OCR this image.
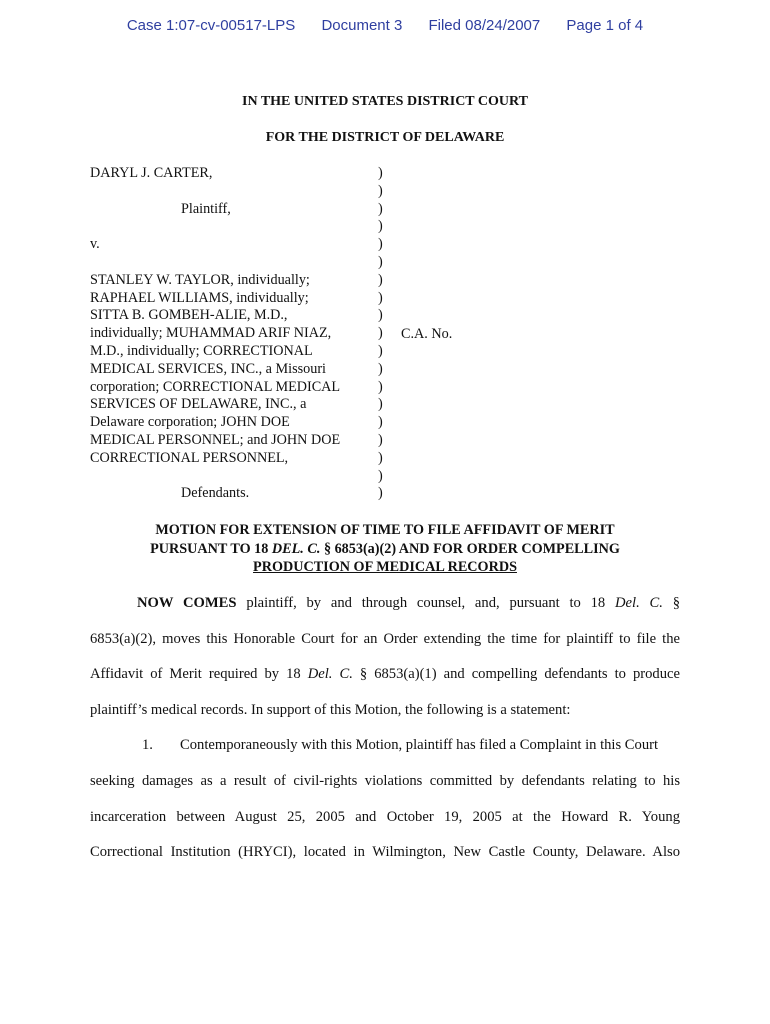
Case 1:07-cv-00517-LPS Document 3 Filed 08/24/2007 Page 1 of 4
IN THE UNITED STATES DISTRICT COURT
FOR THE DISTRICT OF DELAWARE
DARYL J. CARTER,
Plaintiff,
v.
STANLEY W. TAYLOR, individually;
RAPHAEL WILLIAMS, individually;
SITTA B. GOMBEH-ALIE, M.D.,
individually; MUHAMMAD ARIF NIAZ,
M.D., individually; CORRECTIONAL
MEDICAL SERVICES, INC., a Missouri
corporation; CORRECTIONAL MEDICAL
SERVICES OF DELAWARE, INC., a
Delaware corporation; JOHN DOE
MEDICAL PERSONNEL; and JOHN DOE
CORRECTIONAL PERSONNEL,
Defendants.
)
)
)
)
)
)
)
)
)
)
)
)
)
)
)
)
)
)
)
C.A. No.
MOTION FOR EXTENSION OF TIME TO FILE AFFIDAVIT OF MERIT
PURSUANT TO 18 DEL. C. § 6853(a)(2) AND FOR ORDER COMPELLING
PRODUCTION OF MEDICAL RECORDS
NOW COMES plaintiff, by and through counsel, and, pursuant to 18 Del. C. §
6853(a)(2), moves this Honorable Court for an Order extending the time for plaintiff to file the
Affidavit of Merit required by 18 Del. C. § 6853(a)(1) and compelling defendants to produce
plaintiff’s medical records. In support of this Motion, the following is a statement:
1. Contemporaneously with this Motion, plaintiff has filed a Complaint in this Court
seeking damages as a result of civil-rights violations committed by defendants relating to his
incarceration between August 25, 2005 and October 19, 2005 at the Howard R. Young
Correctional Institution (HRYCI), located in Wilmington, New Castle County, Delaware. Also
